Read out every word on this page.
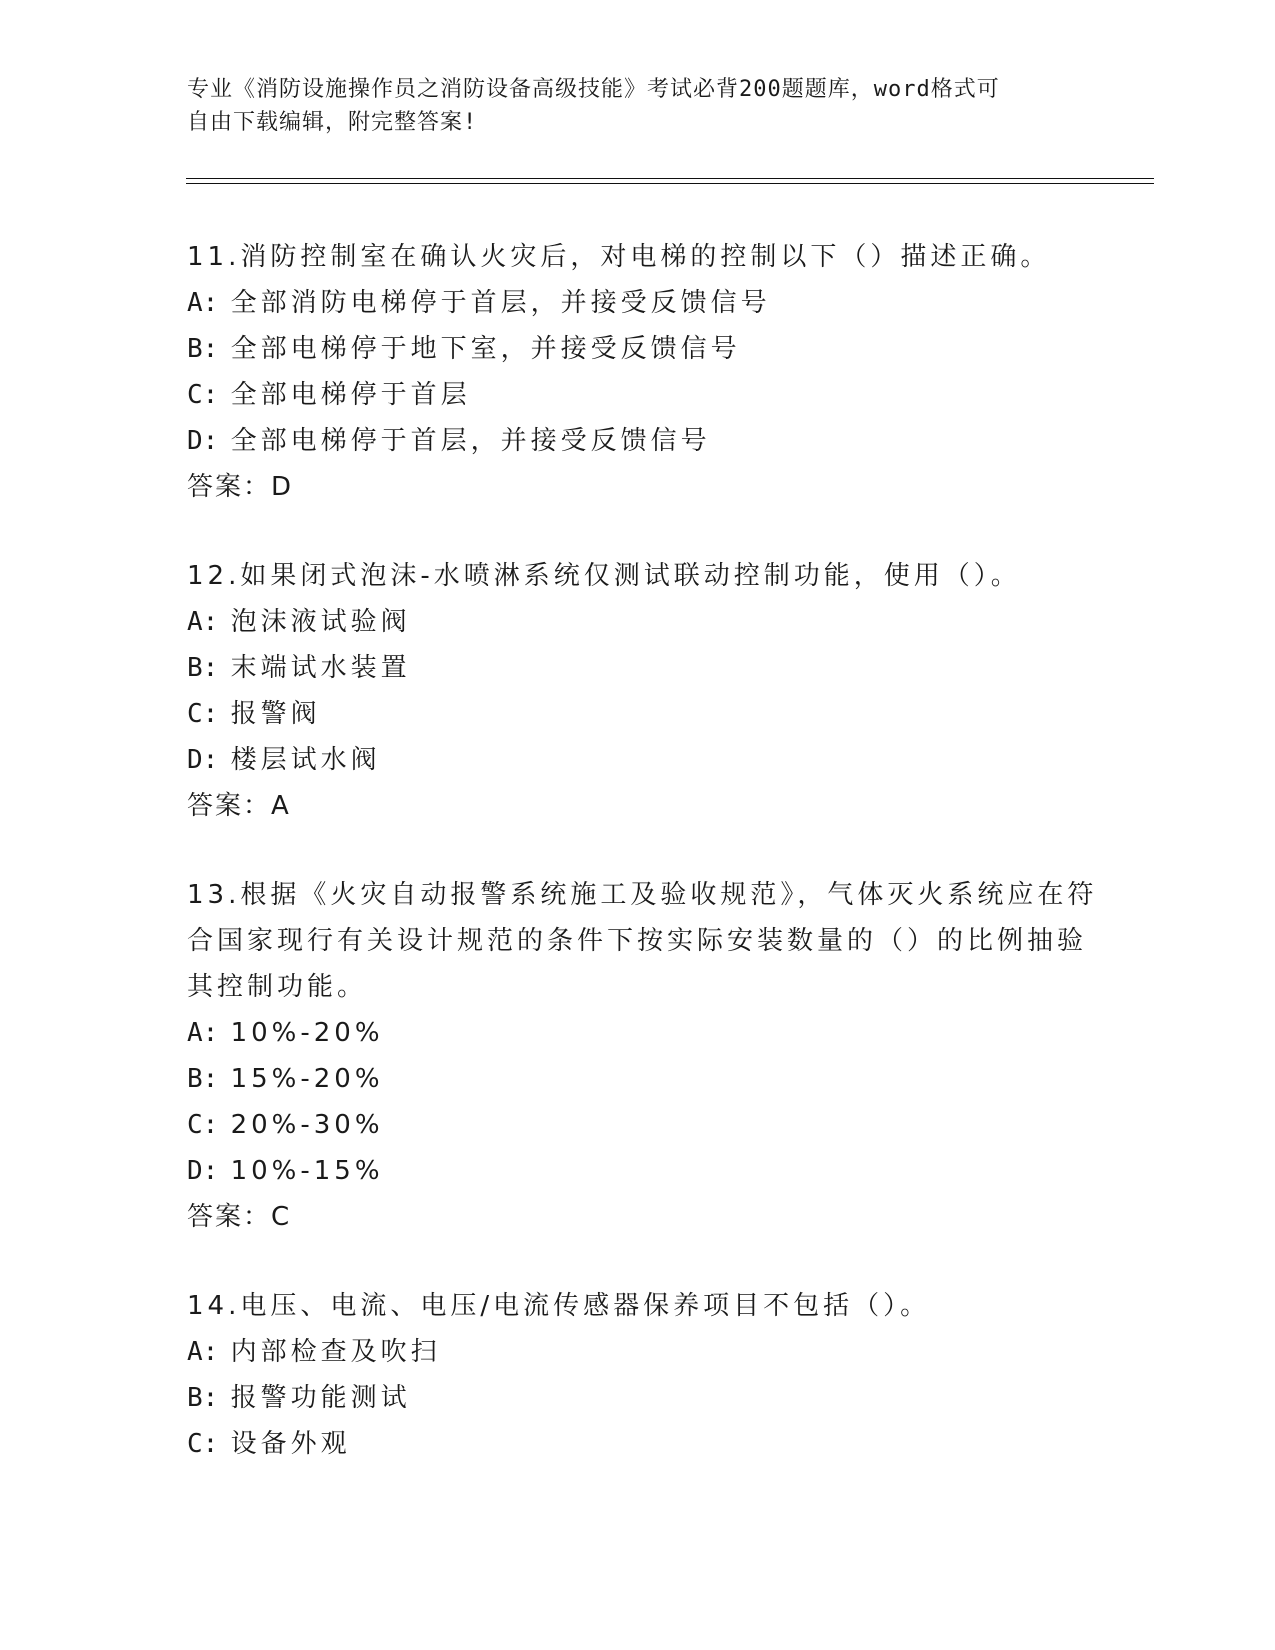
专业《消防设施操作员之消防设备高级技能》考试必背200题题库，word格式可
自由下载编辑，附完整答案!
11.消防控制室在确认火灾后，对电梯的控制以下（）描述正确。
A: 全部消防电梯停于首层，并接受反馈信号
B: 全部电梯停于地下室，并接受反馈信号
C: 全部电梯停于首层
D: 全部电梯停于首层，并接受反馈信号
答案：D
12.如果闭式泡沫-水喷淋系统仅测试联动控制功能，使用（）。
A: 泡沫液试验阀
B: 末端试水装置
C: 报警阀
D: 楼层试水阀
答案：A
13.根据《火灾自动报警系统施工及验收规范》，气体灭火系统应在符
合国家现行有关设计规范的条件下按实际安装数量的（）的比例抽验
其控制功能。
A: 10%-20%
B: 15%-20%
C: 20%-30%
D: 10%-15%
答案：C
14.电压、电流、电压/电流传感器保养项目不包括（）。
A: 内部检查及吹扫
B: 报警功能测试
C: 设备外观
